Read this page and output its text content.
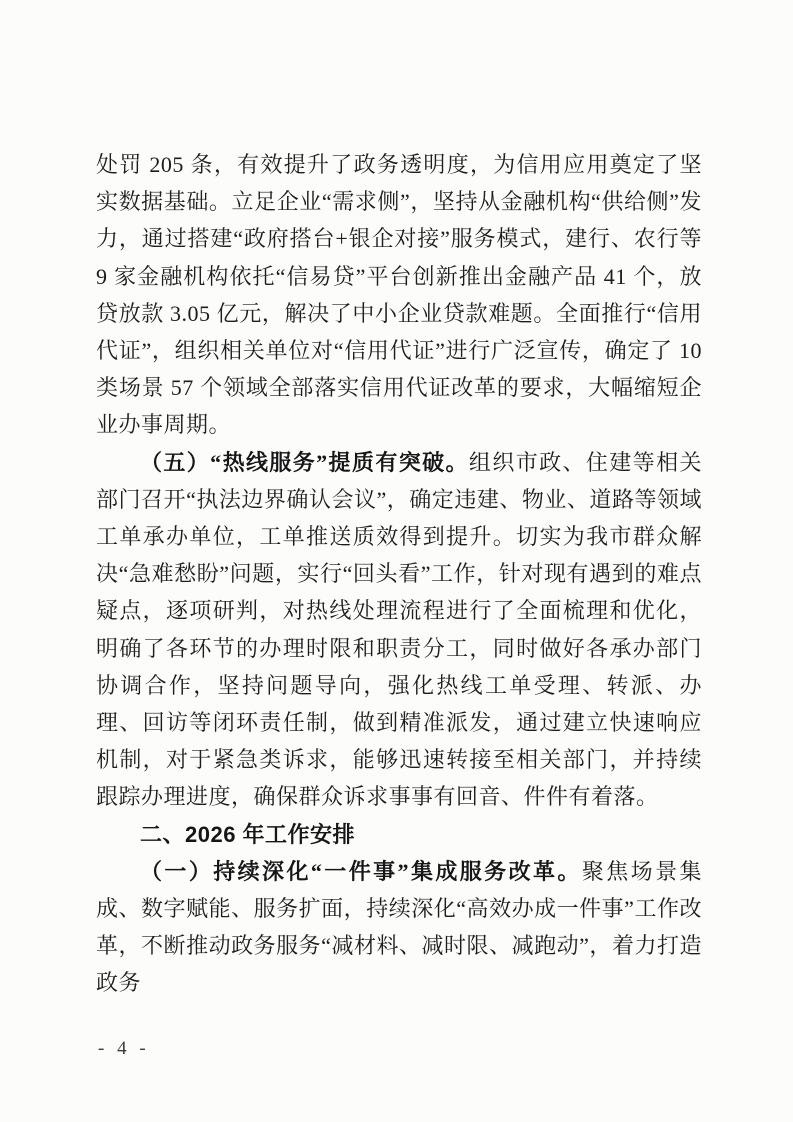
处罚 205 条，有效提升了政务透明度，为信用应用奠定了坚实数据基础。立足企业“需求侧”，坚持从金融机构“供给侧”发力，通过搭建“政府搭台+银企对接”服务模式，建行、农行等 9 家金融机构依托“信易贷”平台创新推出金融产品 41 个，放贷放款 3.05 亿元，解决了中小企业贷款难题。全面推行“信用代证”，组织相关单位对“信用代证”进行广泛宣传，确定了 10 类场景 57 个领域全部落实信用代证改革的要求，大幅缩短企业办事周期。

（五）“热线服务”提质有突破。组织市政、住建等相关部门召开“执法边界确认会议”，确定违建、物业、道路等领域工单承办单位，工单推送质效得到提升。切实为我市群众解决“急难愁盼”问题，实行“回头看”工作，针对现有遇到的难点疑点，逐项研判，对热线处理流程进行了全面梳理和优化，明确了各环节的办理时限和职责分工，同时做好各承办部门协调合作，坚持问题导向，强化热线工单受理、转派、办理、回访等闭环责任制，做到精准派发，通过建立快速响应机制，对于紧急类诉求，能够迅速转接至相关部门，并持续跟踪办理进度，确保群众诉求事事有回音、件件有着落。

二、2026 年工作安排

（一）持续深化“一件事”集成服务改革。聚焦场景集成、数字赋能、服务扩面，持续深化“高效办成一件事”工作改革，不断推动政务服务“减材料、减时限、减跑动”，着力打造政务

- 4 -
